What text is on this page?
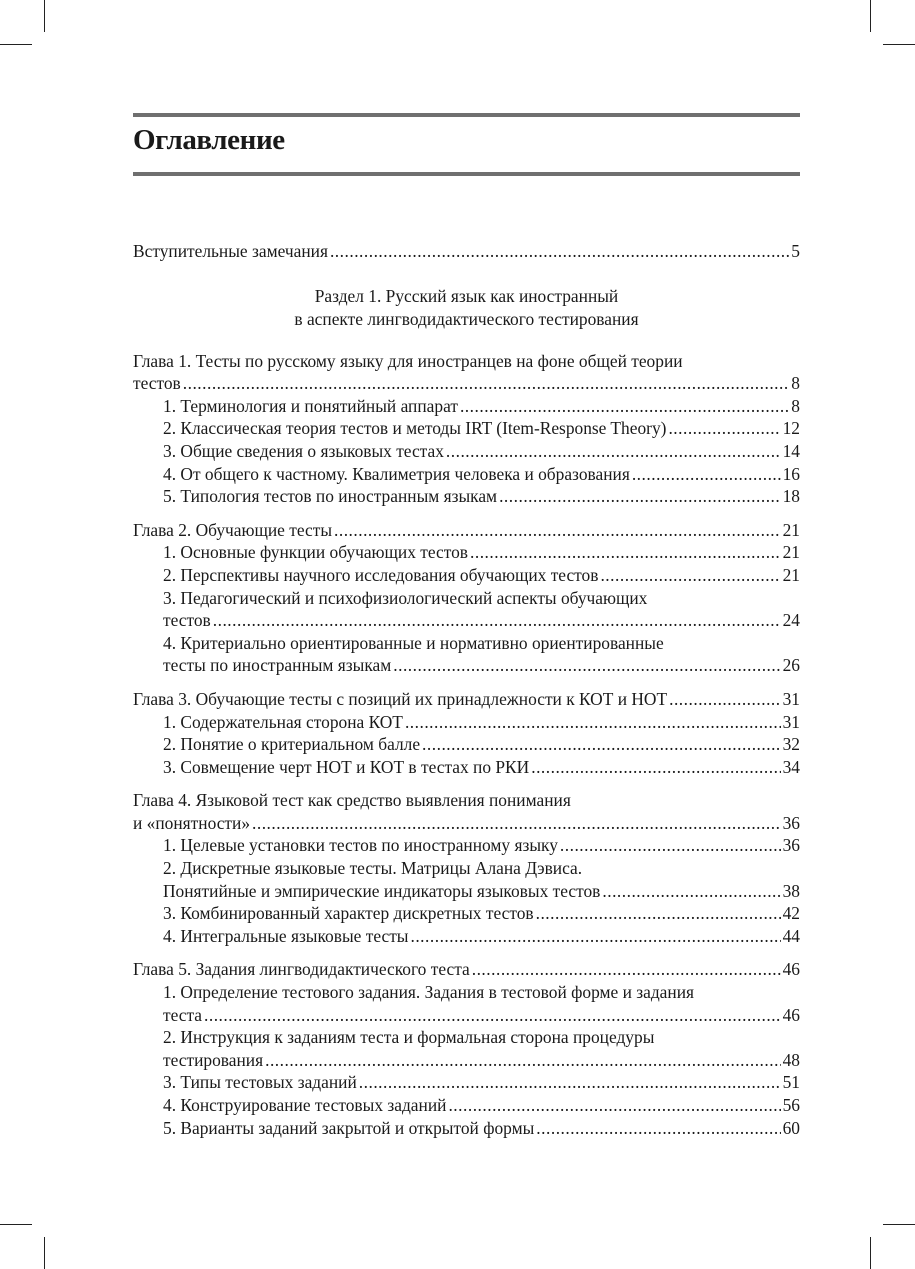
Оглавление
Вступительные замечания .....	5
Раздел 1. Русский язык как иностранный
в аспекте лингводидактического тестирования
Глава 1. Тесты по русскому языку для иностранцев на фоне общей теории
тестов .....	8
1. Терминология и понятийный аппарат .....	8
2. Классическая теория тестов и методы IRT (Item-Response Theory) .....	12
3. Общие сведения о языковых тестах .....	14
4. От общего к частному. Квалиметрия человека и образования .....	16
5. Типология тестов по иностранным языкам .....	18
Глава 2. Обучающие тесты .....	21
1. Основные функции обучающих тестов .....	21
2. Перспективы научного исследования обучающих тестов .....	21
3. Педагогический и психофизиологический аспекты обучающих
тестов .....	24
4. Критериально ориентированные и нормативно ориентированные
тесты по иностранным языкам .....	26
Глава 3. Обучающие тесты с позиций их принадлежности к КОТ и НОТ .....	31
1. Содержательная сторона КОТ .....	31
2. Понятие о критериальном балле .....	32
3. Совмещение черт НОТ и КОТ в тестах по РКИ .....	34
Глава 4. Языковой тест как средство выявления понимания
и «понятности» .....	36
1. Целевые установки тестов по иностранному языку .....	36
2. Дискретные языковые тесты. Матрицы Алана Дэвиса.
Понятийные и эмпирические индикаторы языковых тестов .....	38
3. Комбинированный характер дискретных тестов .....	42
4. Интегральные языковые тесты .....	44
Глава 5. Задания лингводидактического теста .....	46
1. Определение тестового задания. Задания в тестовой форме и задания
теста .....	46
2. Инструкция к заданиям теста и формальная сторона процедуры
тестирования .....	48
3. Типы тестовых заданий .....	51
4. Конструирование тестовых заданий .....	56
5. Варианты заданий закрытой и открытой формы .....	60
